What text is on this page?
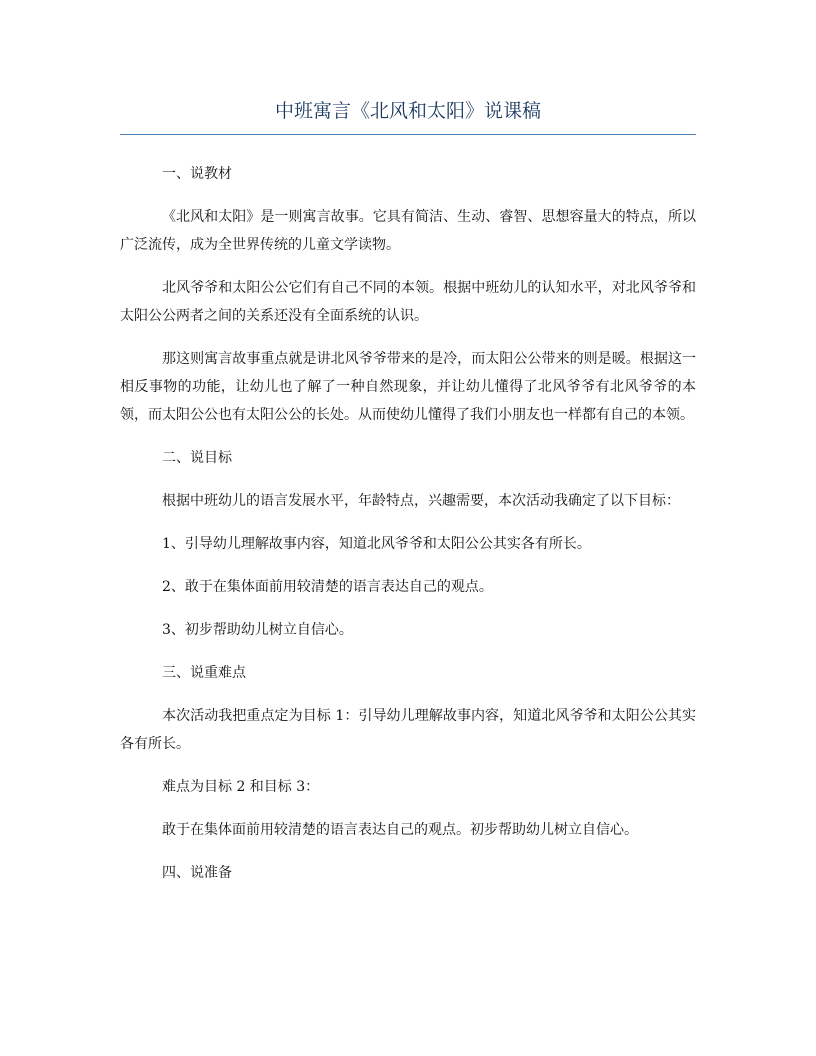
中班寓言《北风和太阳》说课稿
一、说教材
《北风和太阳》是一则寓言故事。它具有简洁、生动、睿智、思想容量大的特点，所以广泛流传，成为全世界传统的儿童文学读物。
北风爷爷和太阳公公它们有自己不同的本领。根据中班幼儿的认知水平，对北风爷爷和太阳公公两者之间的关系还没有全面系统的认识。
那这则寓言故事重点就是讲北风爷爷带来的是冷，而太阳公公带来的则是暖。根据这一相反事物的功能，让幼儿也了解了一种自然现象，并让幼儿懂得了北风爷爷有北风爷爷的本领，而太阳公公也有太阳公公的长处。从而使幼儿懂得了我们小朋友也一样都有自己的本领。
二、说目标
根据中班幼儿的语言发展水平，年龄特点，兴趣需要，本次活动我确定了以下目标：
1、引导幼儿理解故事内容，知道北风爷爷和太阳公公其实各有所长。
2、敢于在集体面前用较清楚的语言表达自己的观点。
3、初步帮助幼儿树立自信心。
三、说重难点
本次活动我把重点定为目标 1：引导幼儿理解故事内容，知道北风爷爷和太阳公公其实各有所长。
难点为目标 2 和目标 3：
敢于在集体面前用较清楚的语言表达自己的观点。初步帮助幼儿树立自信心。
四、说准备
